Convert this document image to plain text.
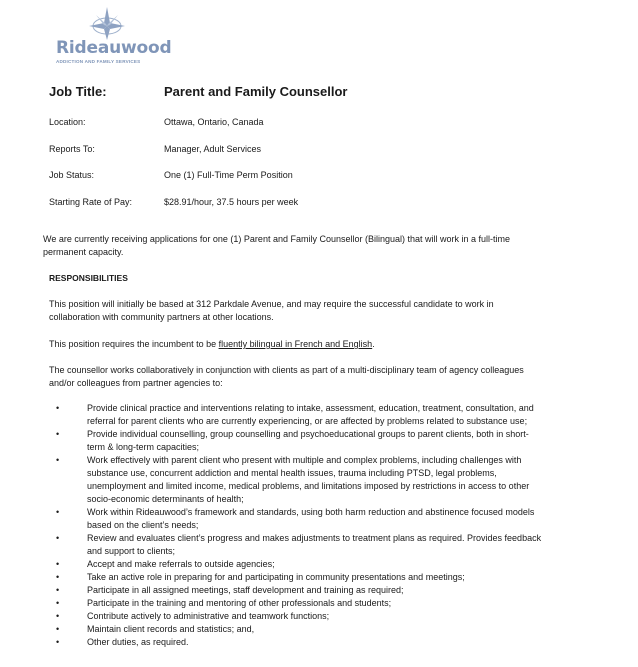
Rideauwood
ADDICTION AND FAMILY SERVICES
Job Title:	Parent and Family Counsellor
Location:	Ottawa, Ontario, Canada
Reports To:	Manager, Adult Services
Job Status:	One (1) Full-Time Perm Position
Starting Rate of Pay:	$28.91/hour, 37.5 hours per week
We are currently receiving applications for one (1) Parent and Family Counsellor (Bilingual) that will work in a full-time
permanent capacity.
RESPONSIBILITIES
This position will initially be based at 312 Parkdale Avenue, and may require the successful candidate to work in
collaboration with community partners at other locations.
This position requires the incumbent to be fluently bilingual in French and English.
The counsellor works collaboratively in conjunction with clients as part of a multi-disciplinary team of agency colleagues
and/or colleagues from partner agencies to:
• Provide clinical practice and interventions relating to intake, assessment, education, treatment, consultation, and
referral for parent clients who are currently experiencing, or are affected by problems related to substance use;
• Provide individual counselling, group counselling and psychoeducational groups to parent clients, both in short-
term & long-term capacities;
• Work effectively with parent client who present with multiple and complex problems, including challenges with
substance use, concurrent addiction and mental health issues, trauma including PTSD, legal problems,
unemployment and limited income, medical problems, and limitations imposed by restrictions in access to other
socio-economic determinants of health;
• Work within Rideauwood’s framework and standards, using both harm reduction and abstinence focused models
based on the client’s needs;
• Review and evaluates client’s progress and makes adjustments to treatment plans as required. Provides feedback
and support to clients;
• Accept and make referrals to outside agencies;
• Take an active role in preparing for and participating in community presentations and meetings;
• Participate in all assigned meetings, staff development and training as required;
• Participate in the training and mentoring of other professionals and students;
• Contribute actively to administrative and teamwork functions;
• Maintain client records and statistics; and,
• Other duties, as required.
